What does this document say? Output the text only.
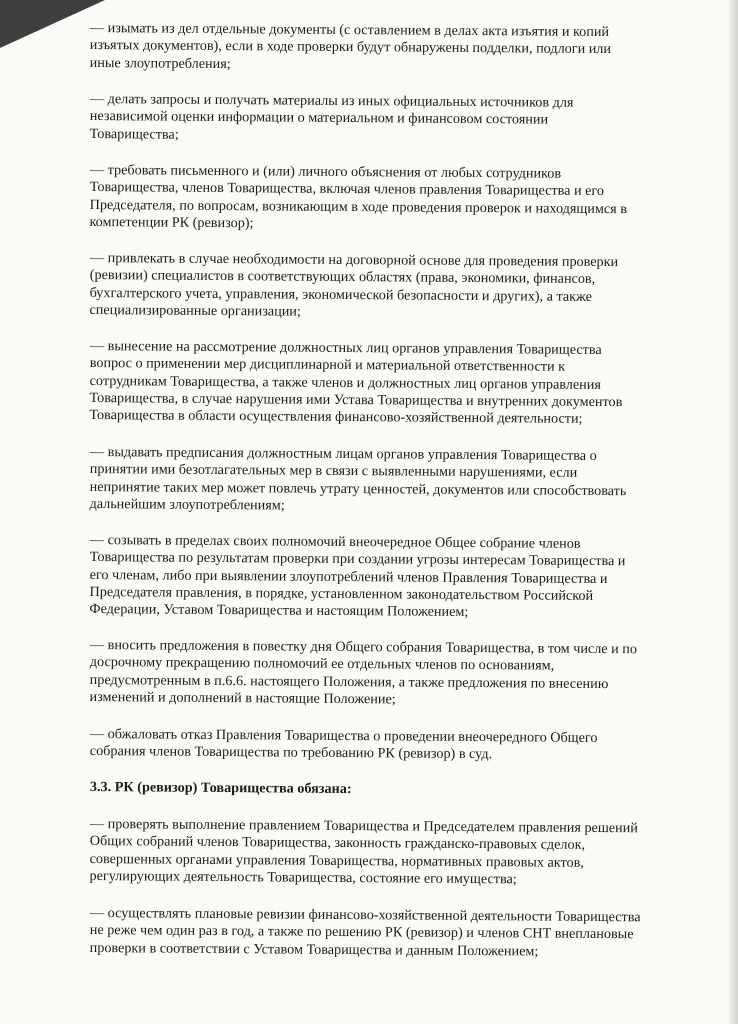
— изымать из дел отдельные документы (с оставлением в делах акта изъятия и копий
изъятых документов), если в ходе проверки будут обнаружены подделки, подлоги или
иные злоупотребления;
— делать запросы и получать материалы из иных официальных источников для
независимой оценки информации о материальном и финансовом состоянии
Товарищества;
— требовать письменного и (или) личного объяснения от любых сотрудников
Товарищества, членов Товарищества, включая членов правления Товарищества и его
Председателя, по вопросам, возникающим в ходе проведения проверок и находящимся в
компетенции РК (ревизор);
— привлекать в случае необходимости на договорной основе для проведения проверки
(ревизии) специалистов в соответствующих областях (права, экономики, финансов,
бухгалтерского учета, управления, экономической безопасности и других), а также
специализированные организации;
— вынесение на рассмотрение должностных лиц органов управления Товарищества
вопрос о применении мер дисциплинарной и материальной ответственности к
сотрудникам Товарищества, а также членов и должностных лиц органов управления
Товарищества, в случае нарушения ими Устава Товарищества и внутренних документов
Товарищества в области осуществления финансово-хозяйственной деятельности;
— выдавать предписания должностным лицам органов управления Товарищества о
принятии ими безотлагательных мер в связи с выявленными нарушениями, если
непринятие таких мер может повлечь утрату ценностей, документов или способствовать
дальнейшим злоупотреблениям;
— созывать в пределах своих полномочий внеочередное Общее собрание членов
Товарищества по результатам проверки при создании угрозы интересам Товарищества и
его членам, либо при выявлении злоупотреблений членов Правления Товарищества и
Председателя правления, в порядке, установленном законодательством Российской
Федерации, Уставом Товарищества и настоящим Положением;
— вносить предложения в повестку дня Общего собрания Товарищества, в том числе и по
досрочному прекращению полномочий ее отдельных членов по основаниям,
предусмотренным в п.6.6. настоящего Положения, а также предложения по внесению
изменений и дополнений в настоящие Положение;
— обжаловать отказ Правления Товарищества о проведении внеочередного Общего
собрания членов Товарищества по требованию РК (ревизор) в суд.
3.3. РК (ревизор) Товарищества обязана:
— проверять выполнение правлением Товарищества и Председателем правления решений
Общих собраний членов Товарищества, законность гражданско-правовых сделок,
совершенных органами управления Товарищества, нормативных правовых актов,
регулирующих деятельность Товарищества, состояние его имущества;
— осуществлять плановые ревизии финансово-хозяйственной деятельности Товарищества
не реже чем один раз в год, а также по решению РК (ревизор) и членов СНТ внеплановые
проверки в соответствии с Уставом Товарищества и данным Положением;
